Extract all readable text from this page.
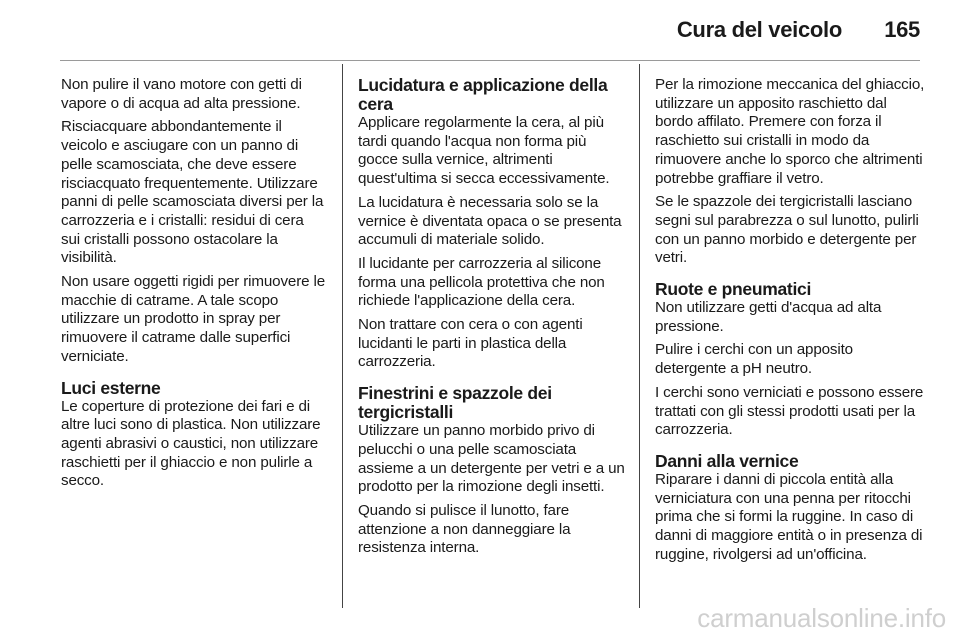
Cura del veicolo 165

Non pulire il vano motore con getti di vapore o di acqua ad alta pressione.

Risciacquare abbondantemente il veicolo e asciugare con un panno di pelle scamosciata, che deve essere risciacquato frequentemente. Utilizzare panni di pelle scamosciata diversi per la carrozzeria e i cristalli: residui di cera sui cristalli possono ostacolare la visibilità.

Non usare oggetti rigidi per rimuovere le macchie di catrame. A tale scopo utilizzare un prodotto in spray per rimuovere il catrame dalle superfici verniciate.

Luci esterne

Le coperture di protezione dei fari e di altre luci sono di plastica. Non utilizzare agenti abrasivi o caustici, non utilizzare raschietti per il ghiaccio e non pulirle a secco.

Lucidatura e applicazione della cera

Applicare regolarmente la cera, al più tardi quando l'acqua non forma più gocce sulla vernice, altrimenti quest'ultima si secca eccessivamente.

La lucidatura è necessaria solo se la vernice è diventata opaca o se presenta accumuli di materiale solido.

Il lucidante per carrozzeria al silicone forma una pellicola protettiva che non richiede l'applicazione della cera.

Non trattare con cera o con agenti lucidanti le parti in plastica della carrozzeria.

Finestrini e spazzole dei tergicristalli

Utilizzare un panno morbido privo di pelucchi o una pelle scamosciata assieme a un detergente per vetri e a un prodotto per la rimozione degli insetti.

Quando si pulisce il lunotto, fare attenzione a non danneggiare la resistenza interna.

Per la rimozione meccanica del ghiaccio, utilizzare un apposito raschietto dal bordo affilato. Premere con forza il raschietto sui cristalli in modo da rimuovere anche lo sporco che altrimenti potrebbe graffiare il vetro.

Se le spazzole dei tergicristalli lasciano segni sul parabrezza o sul lunotto, pulirli con un panno morbido e detergente per vetri.

Ruote e pneumatici

Non utilizzare getti d'acqua ad alta pressione.

Pulire i cerchi con un apposito detergente a pH neutro.

I cerchi sono verniciati e possono essere trattati con gli stessi prodotti usati per la carrozzeria.

Danni alla vernice

Riparare i danni di piccola entità alla verniciatura con una penna per ritocchi prima che si formi la ruggine. In caso di danni di maggiore entità o in presenza di ruggine, rivolgersi ad un'officina.

carmanualsonline.info
